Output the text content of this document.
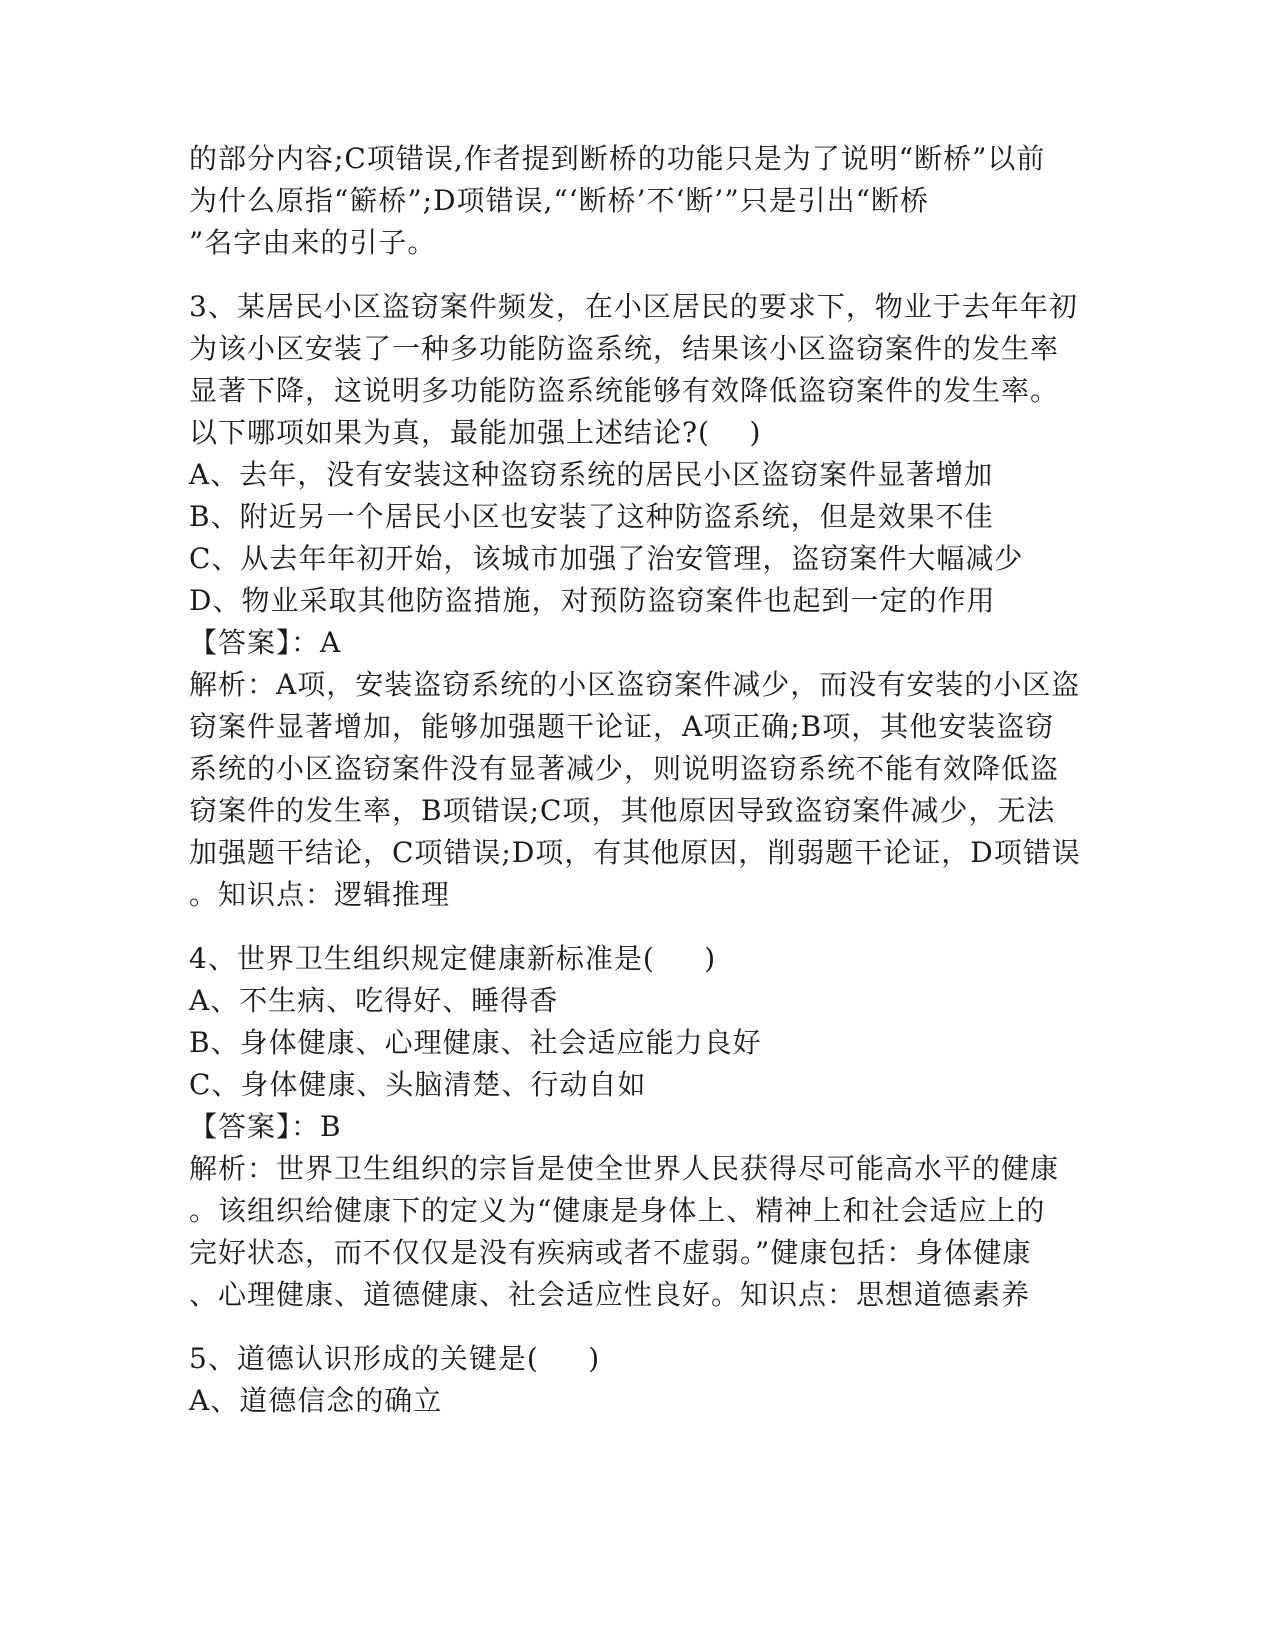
的部分内容;C项错误,作者提到断桥的功能只是为了说明“断桥”以前
为什么原指“簖桥”;D项错误,“‘断桥’不‘断’”只是引出“断桥
”名字由来的引子。
3、某居民小区盗窃案件频发，在小区居民的要求下，物业于去年年初
为该小区安装了一种多功能防盗系统，结果该小区盗窃案件的发生率
显著下降，这说明多功能防盗系统能够有效降低盗窃案件的发生率。
以下哪项如果为真，最能加强上述结论?(    )
A、去年，没有安装这种盗窃系统的居民小区盗窃案件显著增加
B、附近另一个居民小区也安装了这种防盗系统，但是效果不佳
C、从去年年初开始，该城市加强了治安管理，盗窃案件大幅减少
D、物业采取其他防盗措施，对预防盗窃案件也起到一定的作用
【答案】：A
解析：A项，安装盗窃系统的小区盗窃案件减少，而没有安装的小区盗
窃案件显著增加，能够加强题干论证，A项正确;B项，其他安装盗窃
系统的小区盗窃案件没有显著减少，则说明盗窃系统不能有效降低盗
窃案件的发生率，B项错误;C项，其他原因导致盗窃案件减少，无法
加强题干结论，C项错误;D项，有其他原因，削弱题干论证，D项错误
。知识点：逻辑推理
4、世界卫生组织规定健康新标准是(     )
A、不生病、吃得好、睡得香
B、身体健康、心理健康、社会适应能力良好
C、身体健康、头脑清楚、行动自如
【答案】：B
解析：世界卫生组织的宗旨是使全世界人民获得尽可能高水平的健康
。该组织给健康下的定义为“健康是身体上、精神上和社会适应上的
完好状态，而不仅仅是没有疾病或者不虚弱。”健康包括：身体健康
、心理健康、道德健康、社会适应性良好。知识点：思想道德素养
5、道德认识形成的关键是(     )
A、道德信念的确立
